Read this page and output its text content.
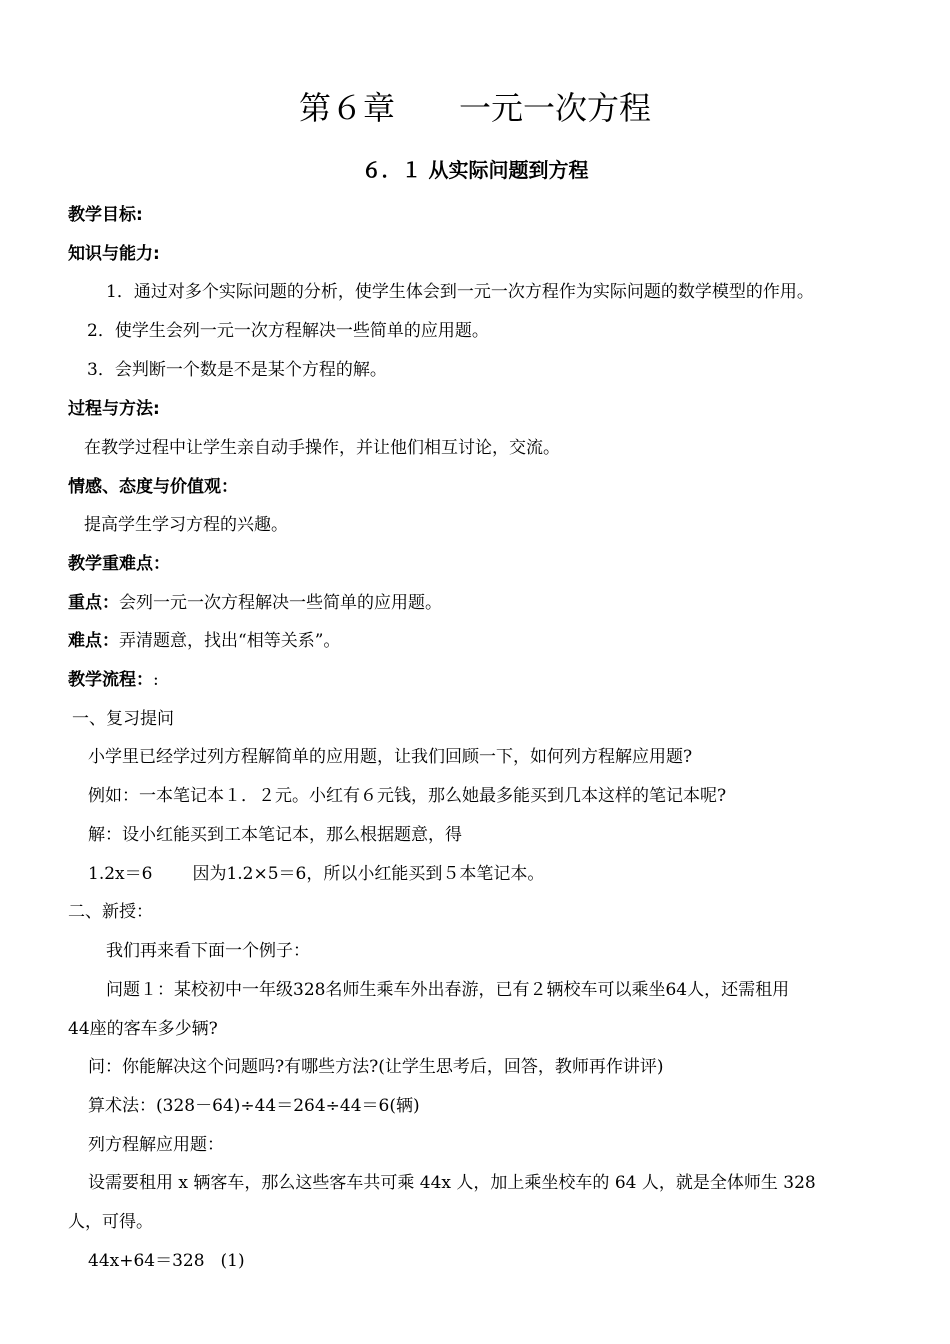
第６章　　一元一次方程
６．１ 从实际问题到方程
教学目标:
知识与能力:
1．通过对多个实际问题的分析，使学生体会到一元一次方程作为实际问题的数学模型的作用。
2．使学生会列一元一次方程解决一些简单的应用题。
3．会判断一个数是不是某个方程的解。
过程与方法:
在教学过程中让学生亲自动手操作，并让他们相互讨论，交流。
情感、态度与价值观：
提高学生学习方程的兴趣。
教学重难点：
重点：会列一元一次方程解决一些简单的应用题。
难点：弄清题意，找出“相等关系”。
教学流程：:
一、复习提问
小学里已经学过列方程解简单的应用题，让我们回顾一下，如何列方程解应用题?
例如：一本笔记本１．２元。小红有６元钱，那么她最多能买到几本这样的笔记本呢?
解：设小红能买到工本笔记本，那么根据题意，得
1.2x＝6 因为1.2×5＝6，所以小红能买到５本笔记本。
二、新授：
我们再来看下面一个例子：
问题１：某校初中一年级328名师生乘车外出春游，已有２辆校车可以乘坐64人，还需租用
44座的客车多少辆?
问：你能解决这个问题吗?有哪些方法?(让学生思考后，回答，教师再作讲评)
算术法：(328－64)÷44＝264÷44＝6(辆)
列方程解应用题：
设需要租用 x 辆客车，那么这些客车共可乘 44x 人，加上乘坐校车的 64 人，就是全体师生 328
人，可得。
44x+64＝328 (1)
